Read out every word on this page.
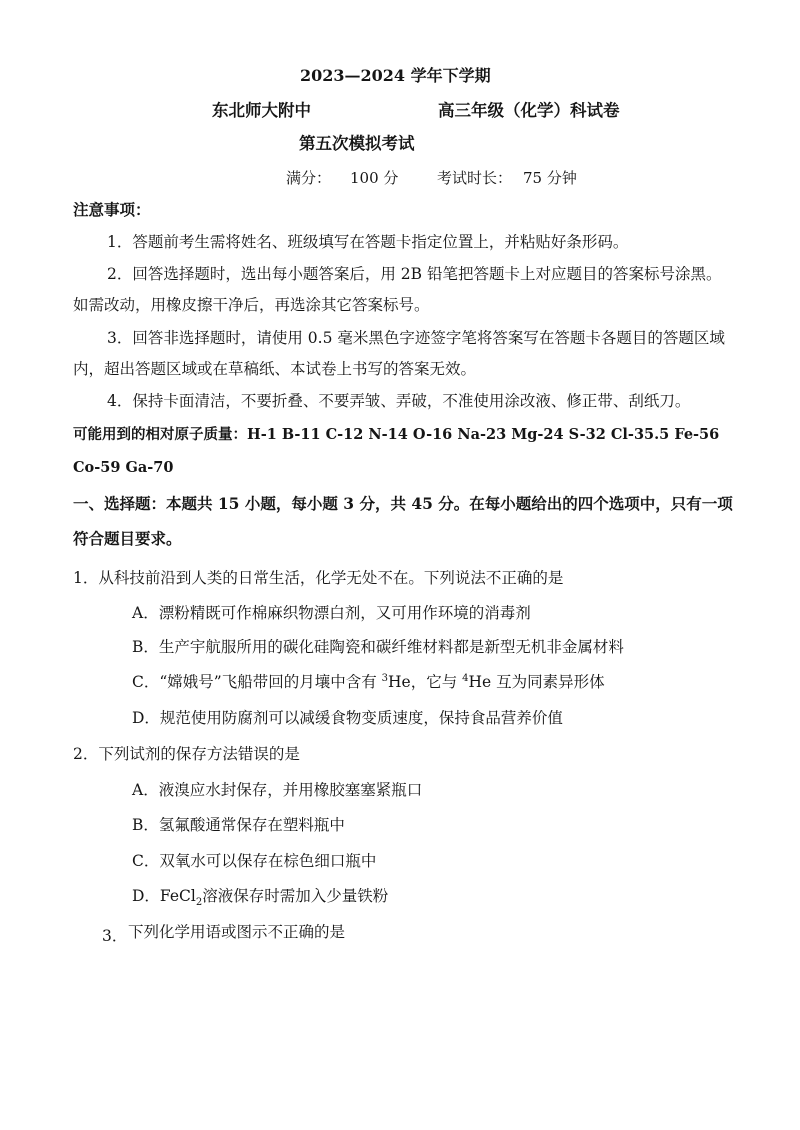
2023—2024 学年下学期
东北师大附中	高三年级（化学）科试卷
第五次模拟考试
满分： 100 分	考试时长： 75 分钟
注意事项：
1．答题前考生需将姓名、班级填写在答题卡指定位置上，并粘贴好条形码。
2．回答选择题时，选出每小题答案后，用 2B 铅笔把答题卡上对应题目的答案标号涂黑。
如需改动，用橡皮擦干净后，再选涂其它答案标号。
3．回答非选择题时，请使用 0.5 毫米黑色字迹签字笔将答案写在答题卡各题目的答题区域
内，超出答题区域或在草稿纸、本试卷上书写的答案无效。
4．保持卡面清洁，不要折叠、不要弄皱、弄破，不准使用涂改液、修正带、刮纸刀。
可能用到的相对原子质量：H-1 B-11 C-12 N-14 O-16 Na-23 Mg-24 S-32 Cl-35.5 Fe-56
Co-59 Ga-70
一、选择题：本题共 15 小题，每小题 3 分，共 45 分。在每小题给出的四个选项中，只有一项
符合题目要求。
1．从科技前沿到人类的日常生活，化学无处不在。下列说法不正确的是
A．漂粉精既可作棉麻织物漂白剂，又可用作环境的消毒剂
B．生产宇航服所用的碳化硅陶瓷和碳纤维材料都是新型无机非金属材料
C．“嫦娥号”飞船带回的月壤中含有 $^3$He，它与 $^4$He 互为同素异形体
D．规范使用防腐剂可以减缓食物变质速度，保持食品营养价值
2．下列试剂的保存方法错误的是
A．液溴应水封保存，并用橡胶塞塞紧瓶口
B．氢氟酸通常保存在塑料瓶中
C．双氧水可以保存在棕色细口瓶中
D．FeCl$_2$溶液保存时需加入少量铁粉
3． 下列化学用语或图示不正确的是
